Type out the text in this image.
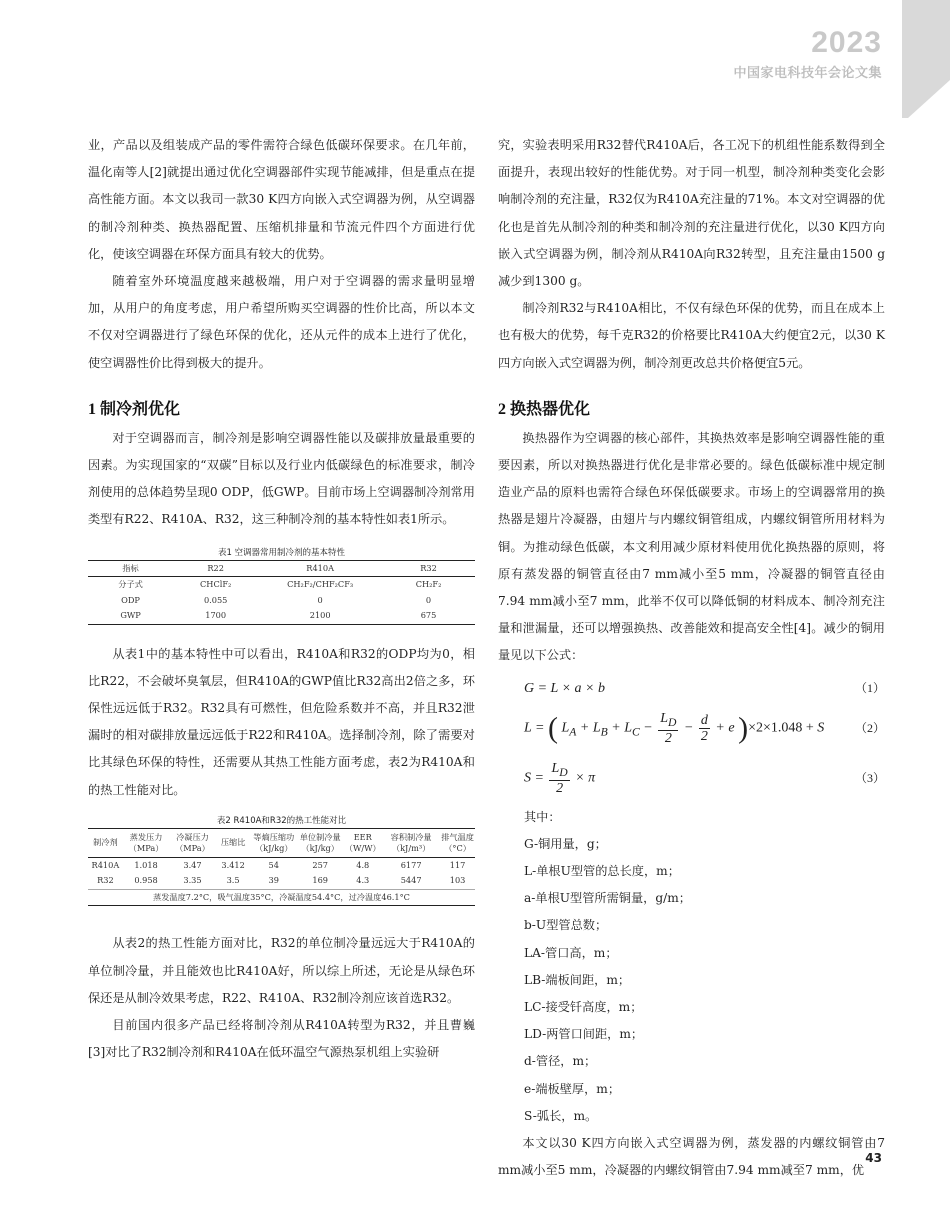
2023
中国家电科技年会论文集

业，产品以及组装成产品的零件需符合绿色低碳环保要求。在几年前，温化南等人[2]就提出通过优化空调器部件实现节能减排，但是重点在提高性能方面。本文以我司一款30 K四方向嵌入式空调器为例，从空调器的制冷剂种类、换热器配置、压缩机排量和节流元件四个方面进行优化，使该空调器在环保方面具有较大的优势。

随着室外环境温度越来越极端，用户对于空调器的需求量明显增加，从用户的角度考虑，用户希望所购买空调器的性价比高，所以本文不仅对空调器进行了绿色环保的优化，还从元件的成本上进行了优化，使空调器性价比得到极大的提升。

1 制冷剂优化

对于空调器而言，制冷剂是影响空调器性能以及碳排放量最重要的因素。为实现国家的“双碳”目标以及行业内低碳绿色的标准要求，制冷剂使用的总体趋势呈现0 ODP，低GWP。目前市场上空调器制冷剂常用类型有R22、R410A、R32，这三种制冷剂的基本特性如表1所示。

表1 空调器常用制冷剂的基本特性
指标	R22	R410A	R32
分子式	CHClF₂	CH₂F₂/CHF₂CF₃	CH₂F₂
ODP	0.055	0	0
GWP	1700	2100	675

从表1中的基本特性中可以看出，R410A和R32的ODP均为0，相比R22，不会破坏臭氧层，但R410A的GWP值比R32高出2倍之多，环保性远远低于R32。R32具有可燃性，但危险系数并不高，并且R32泄漏时的相对碳排放量远远低于R22和R410A。选择制冷剂，除了需要对比其绿色环保的特性，还需要从其热工性能方面考虑，表2为R410A和的热工性能对比。

表2 R410A和R32的热工性能对比
制冷剂	蒸发压力（MPa）	冷凝压力（MPa）	压缩比	等熵压缩功（kJ/kg）	单位制冷量（kJ/kg）	EER（W/W）	容积制冷量（kJ/m³）	排气温度（°C）
R410A	1.018	3.47	3.412	54	257	4.8	6177	117
R32	0.958	3.35	3.5	39	169	4.3	5447	103
蒸发温度7.2°C，吸气温度35°C，冷凝温度54.4°C，过冷温度46.1°C								

从表2的热工性能方面对比，R32的单位制冷量远远大于R410A的单位制冷量，并且能效也比R410A好，所以综上所述，无论是从绿色环保还是从制冷效果考虑，R22、R410A、R32制冷剂应该首选R32。

目前国内很多产品已经将制冷剂从R410A转型为R32，并且曹巍[3]对比了R32制冷剂和R410A在低环温空气源热泵机组上实验研

究，实验表明采用R32替代R410A后，各工况下的机组性能系数得到全面提升，表现出较好的性能优势。对于同一机型，制冷剂种类变化会影响制冷剂的充注量，R32仅为R410A充注量的71%。本文对空调器的优化也是首先从制冷剂的种类和制冷剂的充注量进行优化，以30 K四方向嵌入式空调器为例，制冷剂从R410A向R32转型，且充注量由1500 g减少到1300 g。

制冷剂R32与R410A相比，不仅有绿色环保的优势，而且在成本上也有极大的优势，每千克R32的价格要比R410A大约便宜2元，以30 K四方向嵌入式空调器为例，制冷剂更改总共价格便宜5元。

2 换热器优化

换热器作为空调器的核心部件，其换热效率是影响空调器性能的重要因素，所以对换热器进行优化是非常必要的。绿色低碳标准中规定制造业产品的原料也需符合绿色环保低碳要求。市场上的空调器常用的换热器是翅片冷凝器，由翅片与内螺纹铜管组成，内螺纹铜管所用材料为铜。为推动绿色低碳，本文利用减少原材料使用优化换热器的原则，将原有蒸发器的铜管直径由7 mm减小至5 mm，冷凝器的铜管直径由7.94 mm减小至7 mm，此举不仅可以降低铜的材料成本、制冷剂充注量和泄漏量，还可以增强换热、改善能效和提高安全性[4]。减少的铜用量见以下公式：

G = L × a × b	（1）
L = ( $L_A + L_B + L_C - \frac{L_D}{2} - \frac{d}{2} + e$ )×2×1.048 + S	（2）
$S = \frac{L_D}{2} \times \pi$	（3）

其中：

G-铜用量，g；

L-单根U型管的总长度，m；

a-单根U型管所需铜量，g/m；

b-U型管总数；

LA-管口高，m；

LB-端板间距，m；

LC-接受钎高度，m；

LD-两管口间距，m；

d-管径，m；

e-端板壁厚，m；

S-弧长，m。

本文以30 K四方向嵌入式空调器为例，蒸发器的内螺纹铜管由7 mm减小至5 mm，冷凝器的内螺纹铜管由7.94 mm减至7 mm，优

43
